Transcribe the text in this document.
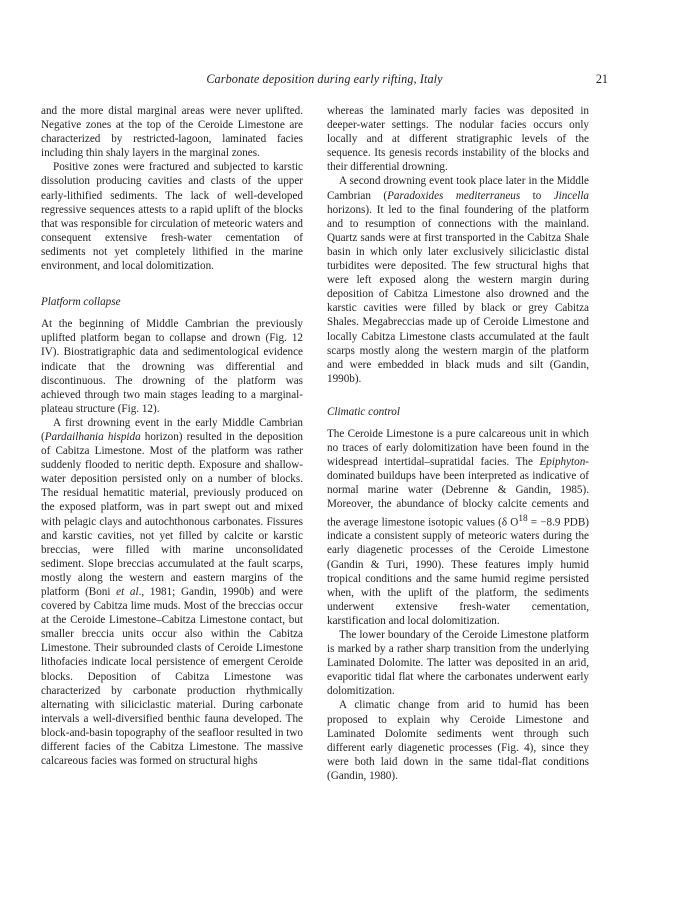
Carbonate deposition during early rifting, Italy	21

and the more distal marginal areas were never uplifted. Negative zones at the top of the Ceroide Limestone are characterized by restricted-lagoon, laminated facies including thin shaly layers in the marginal zones.

Positive zones were fractured and subjected to karstic dissolution producing cavities and clasts of the upper early-lithified sediments. The lack of well-developed regressive sequences attests to a rapid uplift of the blocks that was responsible for circulation of meteoric waters and consequent extensive fresh-water cementation of sediments not yet completely lithified in the marine environment, and local dolomitization.

Platform collapse

At the beginning of Middle Cambrian the previously uplifted platform began to collapse and drown (Fig. 12 IV). Biostratigraphic data and sedimentological evidence indicate that the drowning was differential and discontinuous. The drowning of the platform was achieved through two main stages leading to a marginal-plateau structure (Fig. 12).

A first drowning event in the early Middle Cambrian (Pardailhania hispida horizon) resulted in the deposition of Cabitza Limestone. Most of the platform was rather suddenly flooded to neritic depth. Exposure and shallow-water deposition persisted only on a number of blocks. The residual hematitic material, previously produced on the exposed platform, was in part swept out and mixed with pelagic clays and autochthonous carbonates. Fissures and karstic cavities, not yet filled by calcite or karstic breccias, were filled with marine unconsolidated sediment. Slope breccias accumulated at the fault scarps, mostly along the western and eastern margins of the platform (Boni et al., 1981; Gandin, 1990b) and were covered by Cabitza lime muds. Most of the breccias occur at the Ceroide Limestone–Cabitza Limestone contact, but smaller breccia units occur also within the Cabitza Limestone. Their subrounded clasts of Ceroide Limestone lithofacies indicate local persistence of emergent Ceroide blocks. Deposition of Cabitza Limestone was characterized by carbonate production rhythmically alternating with siliciclastic material. During carbonate intervals a well-diversified benthic fauna developed. The block-and-basin topography of the seafloor resulted in two different facies of the Cabitza Limestone. The massive calcareous facies was formed on structural highs

whereas the laminated marly facies was deposited in deeper-water settings. The nodular facies occurs only locally and at different stratigraphic levels of the sequence. Its genesis records instability of the blocks and their differential drowning.

A second drowning event took place later in the Middle Cambrian (Paradoxides mediterraneus to Jincella horizons). It led to the final foundering of the platform and to resumption of connections with the mainland. Quartz sands were at first transported in the Cabitza Shale basin in which only later exclusively siliciclastic distal turbidites were deposited. The few structural highs that were left exposed along the western margin during deposition of Cabitza Limestone also drowned and the karstic cavities were filled by black or grey Cabitza Shales. Megabreccias made up of Ceroide Limestone and locally Cabitza Limestone clasts accumulated at the fault scarps mostly along the western margin of the platform and were embedded in black muds and silt (Gandin, 1990b).

Climatic control

The Ceroide Limestone is a pure calcareous unit in which no traces of early dolomitization have been found in the widespread intertidal–supratidal facies. The Epiphyton-dominated buildups have been interpreted as indicative of normal marine water (Debrenne & Gandin, 1985). Moreover, the abundance of blocky calcite cements and the average limestone isotopic values (δ $O^{18} = -8.9$ PDB) indicate a consistent supply of meteoric waters during the early diagenetic processes of the Ceroide Limestone (Gandin & Turi, 1990). These features imply humid tropical conditions and the same humid regime persisted when, with the uplift of the platform, the sediments underwent extensive fresh-water cementation, karstification and local dolomitization.

The lower boundary of the Ceroide Limestone platform is marked by a rather sharp transition from the underlying Laminated Dolomite. The latter was deposited in an arid, evaporitic tidal flat where the carbonates underwent early dolomitization.

A climatic change from arid to humid has been proposed to explain why Ceroide Limestone and Laminated Dolomite sediments went through such different early diagenetic processes (Fig. 4), since they were both laid down in the same tidal-flat conditions (Gandin, 1980).
